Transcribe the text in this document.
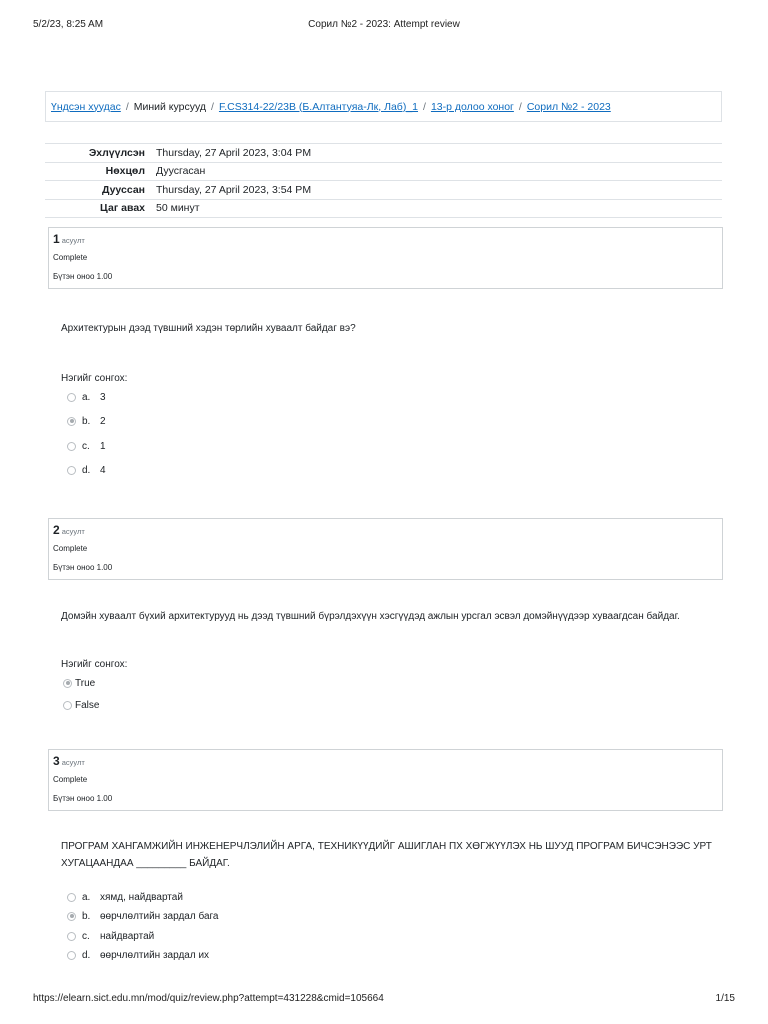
5/2/23, 8:25 AM	Сорил №2 - 2023: Attempt review
Үндсэн хуудас / Миний курсууд / F.CS314-22/23B (Б.Алтантуяа-Лк, Лаб)_1 / 13-р долоо хоног / Сорил №2 - 2023
Эхлүүлсэн	Thursday, 27 April 2023, 3:04 PM
Нөхцөл	Дуусгасан
Дууссан	Thursday, 27 April 2023, 3:54 PM
Цаг авах	50 минут
1 асуулт
Complete
Бүтэн оноо 1.00
Архитектурын дээд түвшний хэдэн төрлийн хуваалт байдаг вэ?
Нэгийг сонгох:
a. 3
b. 2
c.	1
d. 4
2 асуулт
Complete
Бүтэн оноо 1.00
Домэйн хуваалт бүхий архитектурууд нь дээд түвшний бүрэлдэхүүн хэсгүүдэд ажлын урсгал эсвэл домэйнүүдээр хуваагдсан байдаг.
Нэгийг сонгох:
True
False
3 асуулт
Complete
Бүтэн оноо 1.00
ПРОГРАМ ХАНГАМЖИЙН ИНЖЕНЕРЧЛЭЛИЙН АРГА, ТЕХНИКҮҮДИЙГ АШИГЛАН ПХ ХӨГЖҮҮЛЭХ НЬ ШУУД ПРОГРАМ БИЧСЭНЭЭС УРТ ХУГАЦААНДАА _________ БАЙДАГ.
a. хямд, найдвартай
b. өөрчлөлтийн зардал бага
c.	найдвартай
d. өөрчлөлтийн зардал их
https://elearn.sict.edu.mn/mod/quiz/review.php?attempt=431228&cmid=105664	1/15
